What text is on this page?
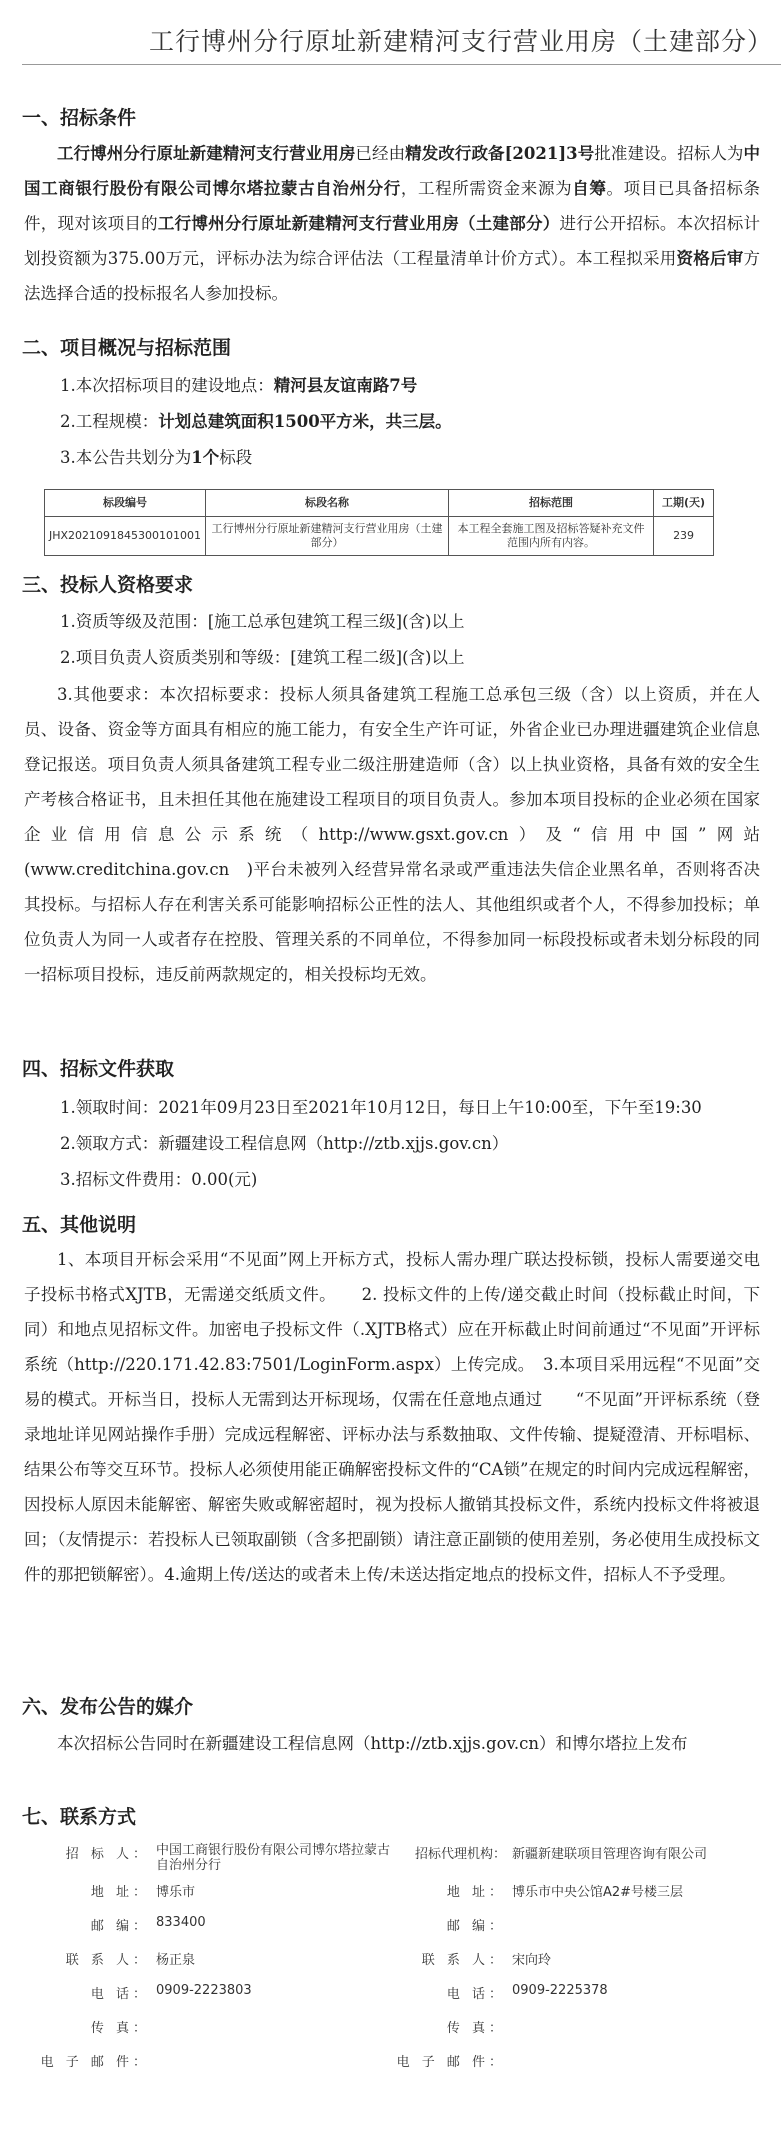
工行博州分行原址新建精河支行营业用房（土建部分）
一、招标条件

工行博州分行原址新建精河支行营业用房已经由精发改行政备[2021]3号批准建设。招标人为中国工商银行股份有限公司博尔塔拉蒙古自治州分行，工程所需资金来源为自筹。项目已具备招标条件，现对该项目的工行博州分行原址新建精河支行营业用房（土建部分）进行公开招标。本次招标计划投资额为375.00万元，评标办法为综合评估法（工程量清单计价方式）。本工程拟采用资格后审方法选择合适的投标报名人参加投标。

二、项目概况与招标范围
1.本次招标项目的建设地点：精河县友谊南路7号
2.工程规模：计划总建筑面积1500平方米，共三层。
3.本公告共划分为1个标段
标段编号	标段名称	招标范围	工期(天)
JHX2021091845300101001	工行博州分行原址新建精河支行营业用房（土建部分）	本工程全套施工图及招标答疑补充文件范围内所有内容。	239
三、投标人资格要求
1.资质等级及范围：[施工总承包建筑工程三级](含)以上
2.项目负责人资质类别和等级：[建筑工程二级](含)以上

3.其他要求：本次招标要求：投标人须具备建筑工程施工总承包三级（含）以上资质，并在人员、设备、资金等方面具有相应的施工能力，有安全生产许可证，外省企业已办理进疆建筑企业信息登记报送。项目负责人须具备建筑工程专业二级注册建造师（含）以上执业资格，具备有效的安全生产考核合格证书，且未担任其他在施建设工程项目的项目负责人。参加本项目投标的企业必须在国家企业信用信息公示系统（http://www.gsxt.gov.cn）及“信用中国”网站(www.creditchina.gov.cn　)平台未被列入经营异常名录或严重违法失信企业黑名单，否则将否决其投标。与招标人存在利害关系可能影响招标公正性的法人、其他组织或者个人，不得参加投标；单位负责人为同一人或者存在控股、管理关系的不同单位，不得参加同一标段投标或者未划分标段的同一招标项目投标，违反前两款规定的，相关投标均无效。

四、招标文件获取
1.领取时间：2021年09月23日至2021年10月12日，每日上午10:00至，下午至19:30
2.领取方式：新疆建设工程信息网（http://ztb.xjjs.gov.cn）
3.招标文件费用：0.00(元)
五、其他说明

1、本项目开标会采用“不见面”网上开标方式，投标人需办理广联达投标锁，投标人需要递交电子投标书格式XJTB，无需递交纸质文件。　　2. 投标文件的上传/递交截止时间（投标截止时间，下同）和地点见招标文件。加密电子投标文件（.XJTB格式）应在开标截止时间前通过“不见面”开评标系统（http://220.171.42.83:7501/LoginForm.aspx）上传完成。　3.本项目采用远程“不见面”交易的模式。开标当日，投标人无需到达开标现场，仅需在任意地点通过　　“不见面”开评标系统（登录地址详见网站操作手册）完成远程解密、评标办法与系数抽取、文件传输、提疑澄清、开标唱标、结果公布等交互环节。投标人必须使用能正确解密投标文件的“CA锁”在规定的时间内完成远程解密，因投标人原因未能解密、解密失败或解密超时，视为投标人撤销其投标文件，系统内投标文件将被退回；（友情提示：若投标人已领取副锁（含多把副锁）请注意正副锁的使用差别，务必使用生成投标文件的那把锁解密）。4.逾期上传/送达的或者未上传/未送达指定地点的投标文件，招标人不予受理。

六、发布公告的媒介

本次招标公告同时在新疆建设工程信息网（http://ztb.xjjs.gov.cn）和博尔塔拉上发布

七、联系方式
招 标 人： 中国工商银行股份有限公司博尔塔拉蒙古自治州分行
招标代理机构： 新疆新建联项目管理咨询有限公司
地 址： 博乐市	地 址： 博乐市中央公馆A2#号楼三层
邮 编： 833400	邮 编：
联 系 人： 杨正泉	联 系 人： 宋向玲
电 话： 0909-2223803	电 话： 0909-2225378
传 真：	传 真：
电 子 邮 件：	电 子 邮 件：
